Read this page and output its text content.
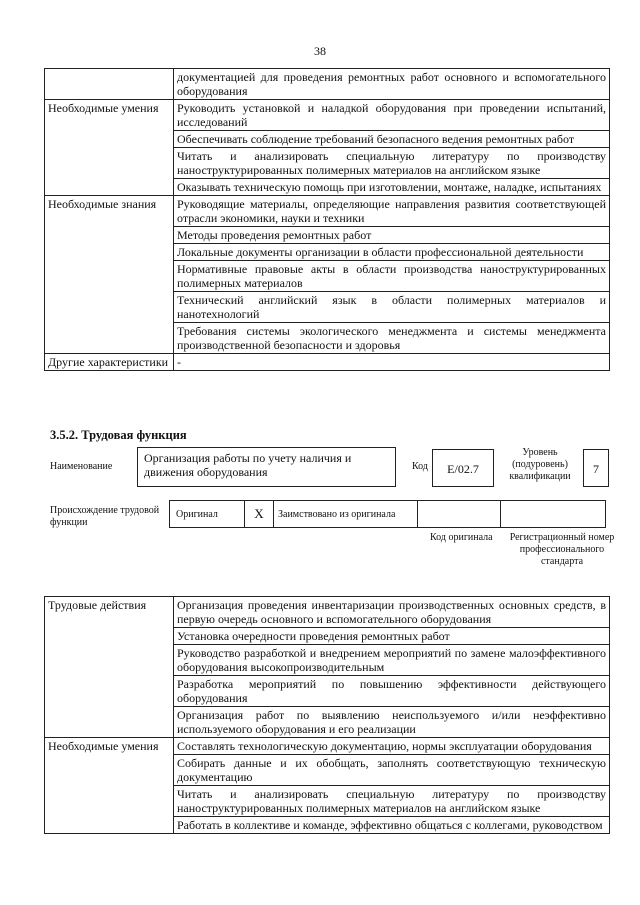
38
	документацией для проведения ремонтных работ основного и вспомогательного оборудования
Необходимые умения	Руководить установкой и наладкой оборудования при проведении испытаний, исследований
	Обеспечивать соблюдение требований безопасного ведения ремонтных работ
	Читать и анализировать специальную литературу по производству наноструктурированных полимерных материалов на английском языке
	Оказывать техническую помощь при изготовлении, монтаже, наладке, испытаниях
Необходимые знания	Руководящие материалы, определяющие направления развития соответствующей отрасли экономики, науки и техники
	Методы проведения ремонтных работ
	Локальные документы организации в области профессиональной деятельности
	Нормативные правовые акты в области производства наноструктурированных полимерных материалов
	Технический английский язык в области полимерных материалов и нанотехнологий
	Требования системы экологического менеджмента и системы менеджмента производственной безопасности и здоровья
Другие характеристики	-
3.5.2. Трудовая функция
Наименование
Организация работы по учету наличия и движения оборудования	Код	E/02.7
Уровень (подуровень) квалификации
7
Происхождение трудовой функции
Оригинал	X	Заимствовано из оригинала
Код оригинала Регистрационный номер профессионального стандарта
Трудовые действия	Организация проведения инвентаризации производственных основных средств, в первую очередь основного и вспомогательного оборудования
	Установка очередности проведения ремонтных работ
	Руководство разработкой и внедрением мероприятий по замене малоэффективного оборудования высокопроизводительным
	Разработка мероприятий по повышению эффективности действующего оборудования
	Организация работ по выявлению неиспользуемого и/или неэффективно используемого оборудования и его реализации
Необходимые умения	Составлять технологическую документацию, нормы эксплуатации оборудования
	Собирать данные и их обобщать, заполнять соответствующую техническую документацию
	Читать и анализировать специальную литературу по производству наноструктурированных полимерных материалов на английском языке
	Работать в коллективе и команде, эффективно общаться с коллегами, руководством
